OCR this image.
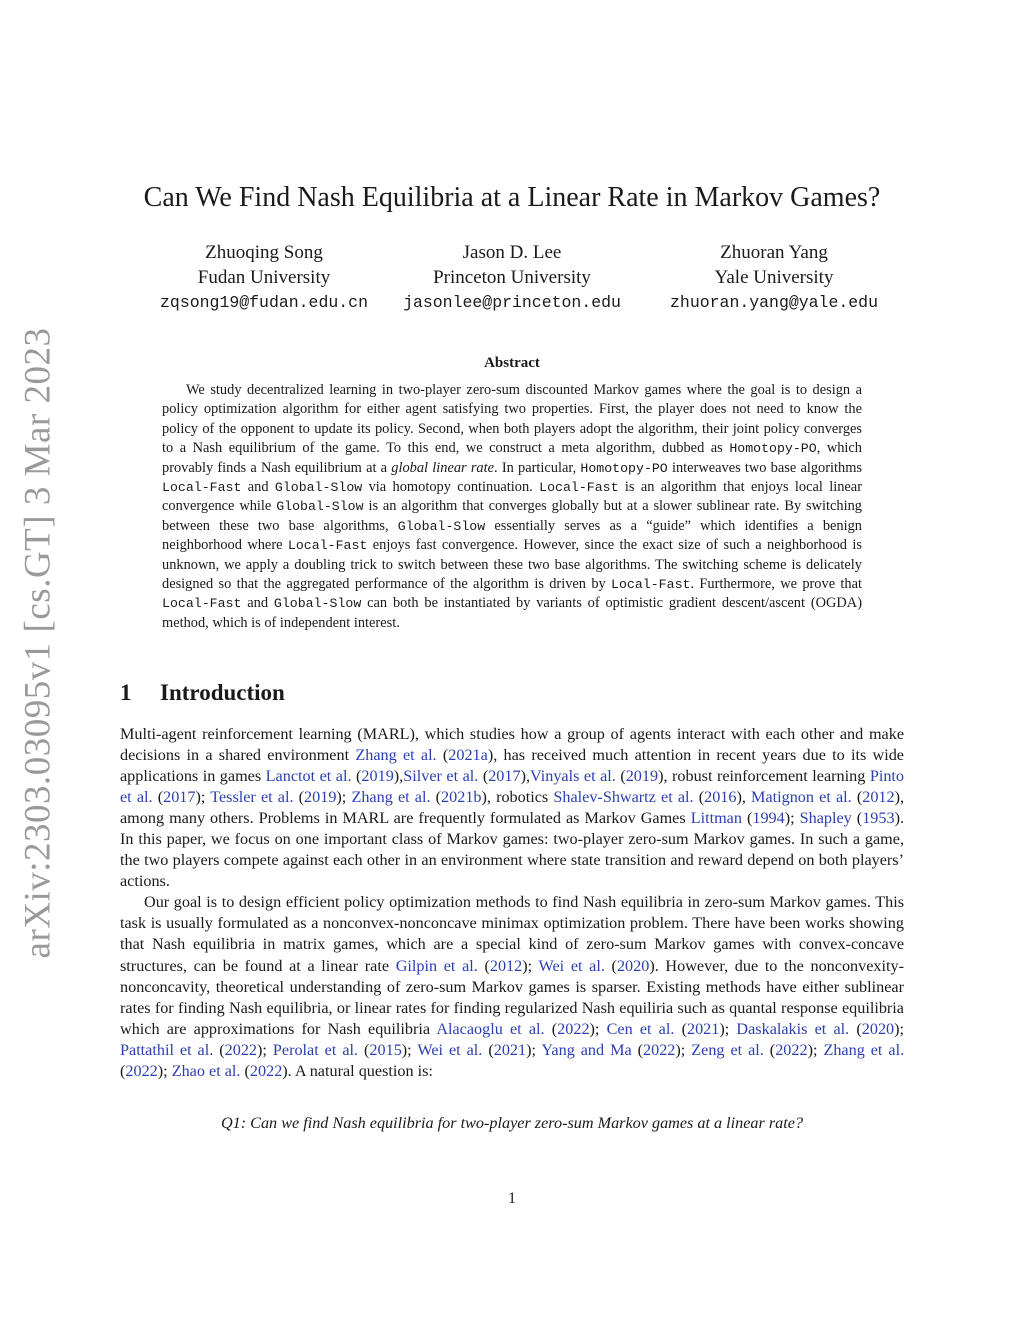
arXiv:2303.03095v1 [cs.GT] 3 Mar 2023
Can We Find Nash Equilibria at a Linear Rate in Markov Games?
Zhuoqing Song
Fudan University
zqsong19@fudan.edu.cn
Jason D. Lee
Princeton University
jasonlee@princeton.edu
Zhuoran Yang
Yale University
zhuoran.yang@yale.edu
Abstract
We study decentralized learning in two-player zero-sum discounted Markov games where the goal is to design a policy optimization algorithm for either agent satisfying two properties. First, the player does not need to know the policy of the opponent to update its policy. Second, when both players adopt the algorithm, their joint policy converges to a Nash equilibrium of the game. To this end, we construct a meta algorithm, dubbed as Homotopy-PO, which provably finds a Nash equilibrium at a global linear rate. In particular, Homotopy-PO interweaves two base algorithms Local-Fast and Global-Slow via homotopy continuation. Local-Fast is an algorithm that enjoys local linear convergence while Global-Slow is an algorithm that converges globally but at a slower sublinear rate. By switching between these two base algorithms, Global-Slow essentially serves as a “guide” which identifies a benign neighborhood where Local-Fast enjoys fast convergence. However, since the exact size of such a neighborhood is unknown, we apply a doubling trick to switch between these two base algorithms. The switching scheme is delicately designed so that the aggregated performance of the algorithm is driven by Local-Fast. Furthermore, we prove that Local-Fast and Global-Slow can both be instantiated by variants of optimistic gradient descent/ascent (OGDA) method, which is of independent interest.
1 Introduction

Multi-agent reinforcement learning (MARL), which studies how a group of agents interact with each other and make decisions in a shared environment Zhang et al. (2021a), has received much attention in recent years due to its wide applications in games Lanctot et al. (2019),Silver et al. (2017),Vinyals et al. (2019), robust reinforcement learning Pinto et al. (2017); Tessler et al. (2019); Zhang et al. (2021b), robotics Shalev-Shwartz et al. (2016), Matignon et al. (2012), among many others. Problems in MARL are frequently formulated as Markov Games Littman (1994); Shapley (1953). In this paper, we focus on one important class of Markov games: two-player zero-sum Markov games. In such a game, the two players compete against each other in an environment where state transition and reward depend on both players’ actions.

Our goal is to design efficient policy optimization methods to find Nash equilibria in zero-sum Markov games. This task is usually formulated as a nonconvex-nonconcave minimax optimization problem. There have been works showing that Nash equilibria in matrix games, which are a special kind of zero-sum Markov games with convex-concave structures, can be found at a linear rate Gilpin et al. (2012); Wei et al. (2020). However, due to the nonconvexity-nonconcavity, theoretical understanding of zero-sum Markov games is sparser. Existing methods have either sublinear rates for finding Nash equilibria, or linear rates for finding regularized Nash equiliria such as quantal response equilibria which are approximations for Nash equilibria Alacaoglu et al. (2022); Cen et al. (2021); Daskalakis et al. (2020); Pattathil et al. (2022); Perolat et al. (2015); Wei et al. (2021); Yang and Ma (2022); Zeng et al. (2022); Zhang et al. (2022); Zhao et al. (2022). A natural question is:

Q1: Can we find Nash equilibria for two-player zero-sum Markov games at a linear rate?
1
